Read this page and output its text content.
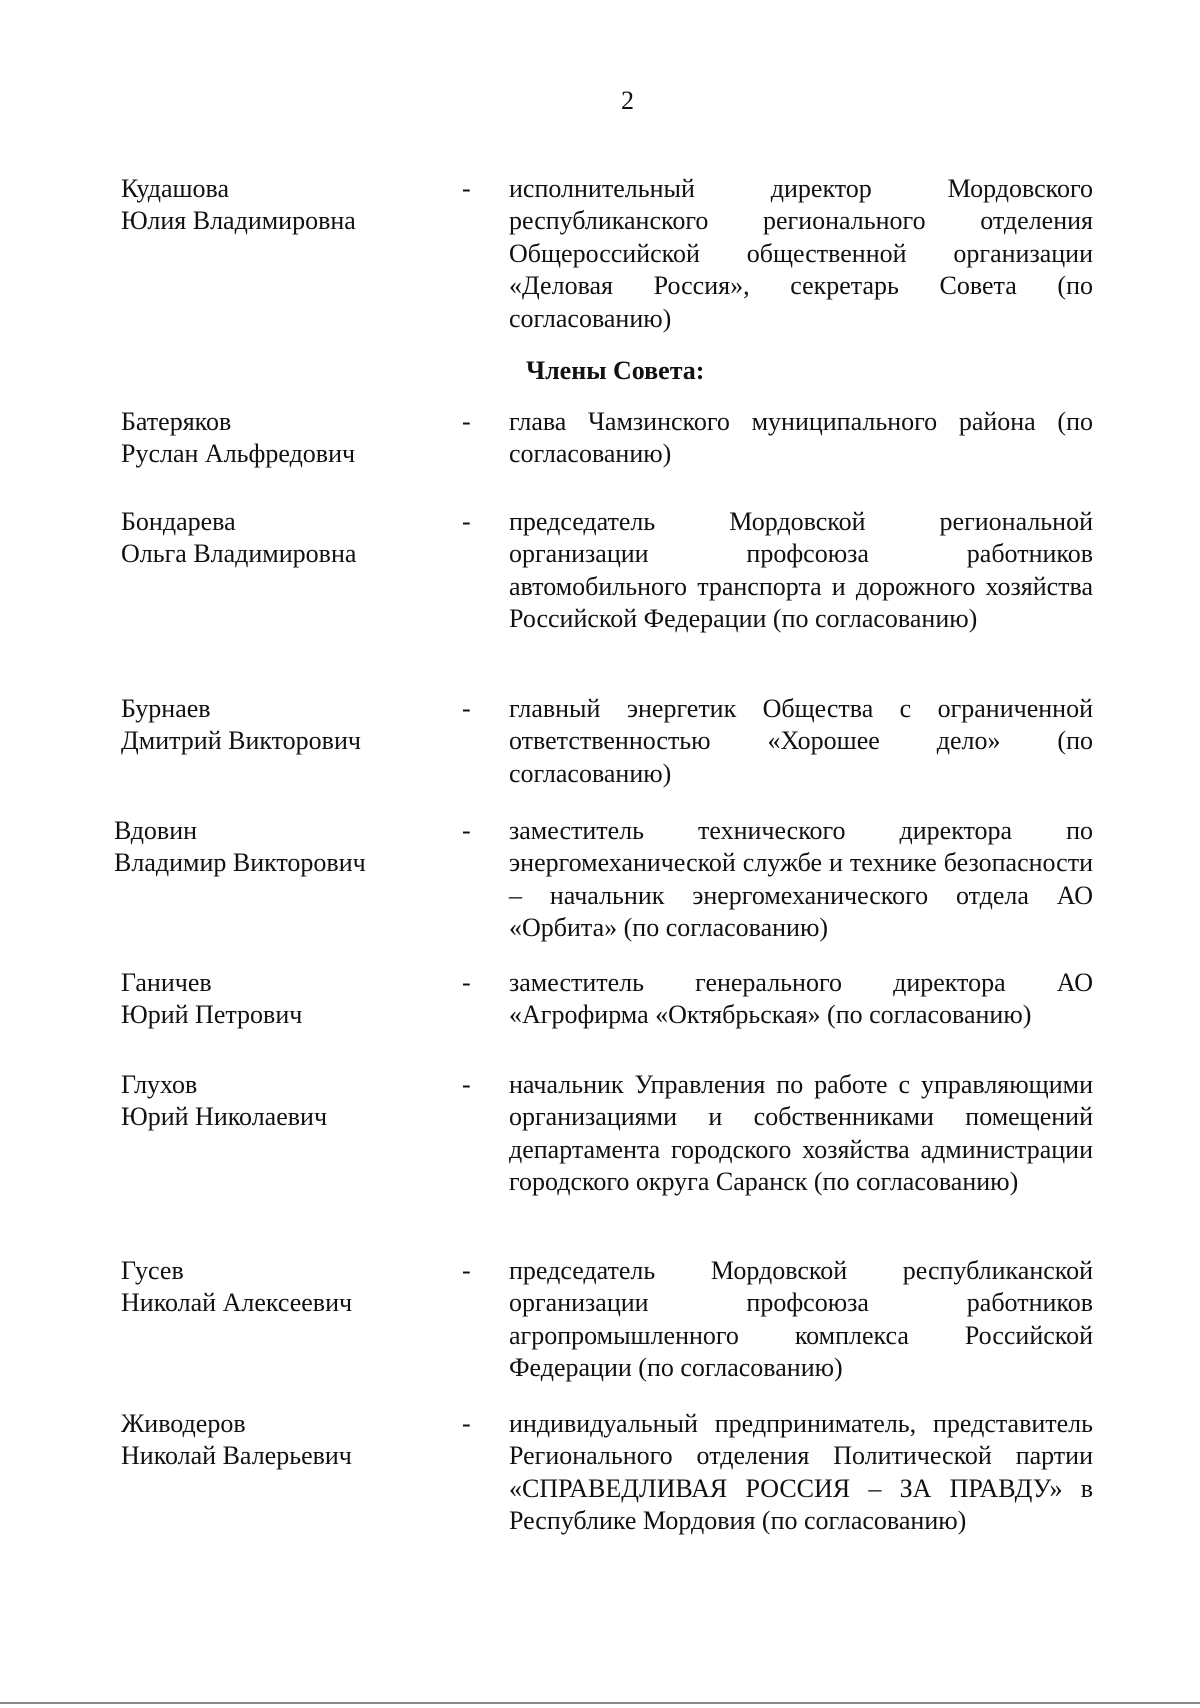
2
Кудашова
Юлия Владимировна
- исполнительный директор Мордовского республиканского регионального отделения Общероссийской общественной организации «Деловая Россия», секретарь Совета (по согласованию)
Члены Совета:
Батеряков
Руслан Альфредович
- глава Чамзинского муниципального района (по согласованию)
Бондарева
Ольга Владимировна
- председатель Мордовской региональной организации профсоюза работников автомобильного транспорта и дорожного хозяйства Российской Федерации (по согласованию)
Бурнаев
Дмитрий Викторович
- главный энергетик Общества с ограниченной ответственностью «Хорошее дело» (по согласованию)
Вдовин
Владимир Викторович
- заместитель технического директора по энергомеханической службе и технике безопасности – начальник энергомеханического отдела АО «Орбита» (по согласованию)
Ганичев
Юрий Петрович
- заместитель генерального директора АО «Агрофирма «Октябрьская» (по согласованию)
Глухов
Юрий Николаевич
- начальник Управления по работе с управляющими организациями и собственниками помещений департамента городского хозяйства администрации городского округа Саранск (по согласованию)
Гусев
Николай Алексеевич
- председатель Мордовской республиканской организации профсоюза работников агропромышленного комплекса Российской Федерации (по согласованию)
Живодеров
Николай Валерьевич
- индивидуальный предприниматель, представитель Регионального отделения Политической партии «СПРАВЕДЛИВАЯ РОССИЯ – ЗА ПРАВДУ» в Республике Мордовия (по согласованию)
